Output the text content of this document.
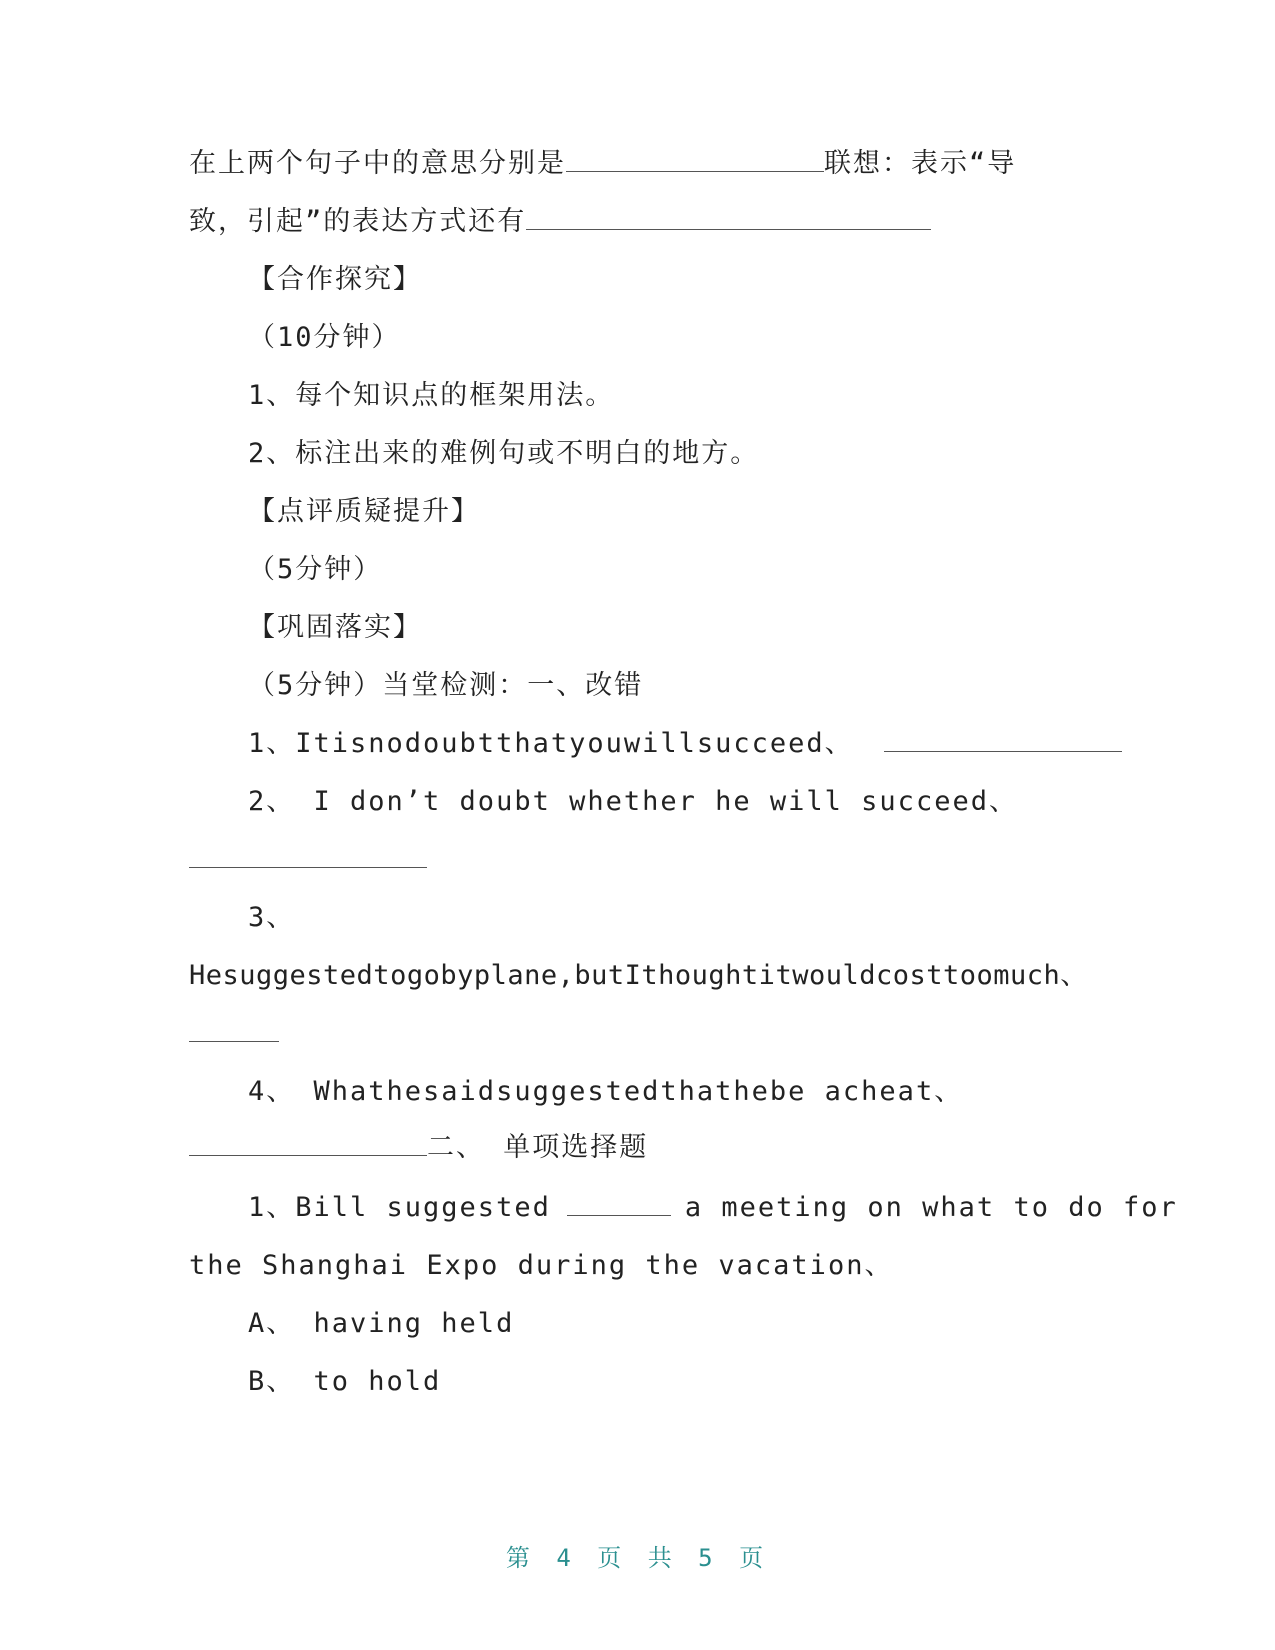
在上两个句子中的意思分别是	联想：表示“导
致，引起”的表达方式还有
【合作探究】
（10分钟）
1、每个知识点的框架用法。
2、标注出来的难例句或不明白的地方。
【点评质疑提升】
（5分钟）
【巩固落实】
（5分钟）当堂检测：一、改错
1、Itisnodoubtthatyouwillsucceed、
2、 I don’t doubt whether he will succeed、
3、
Hesuggestedtogobyplane,butIthoughtitwouldcosttoomuch、
4、 Whathesaidsuggestedthathebe acheat、
二、 单项选择题
1、Bill suggested	a meeting on what to do for
the Shanghai Expo during the vacation、
A、 having held
B、 to hold
第 4 页 共 5 页
